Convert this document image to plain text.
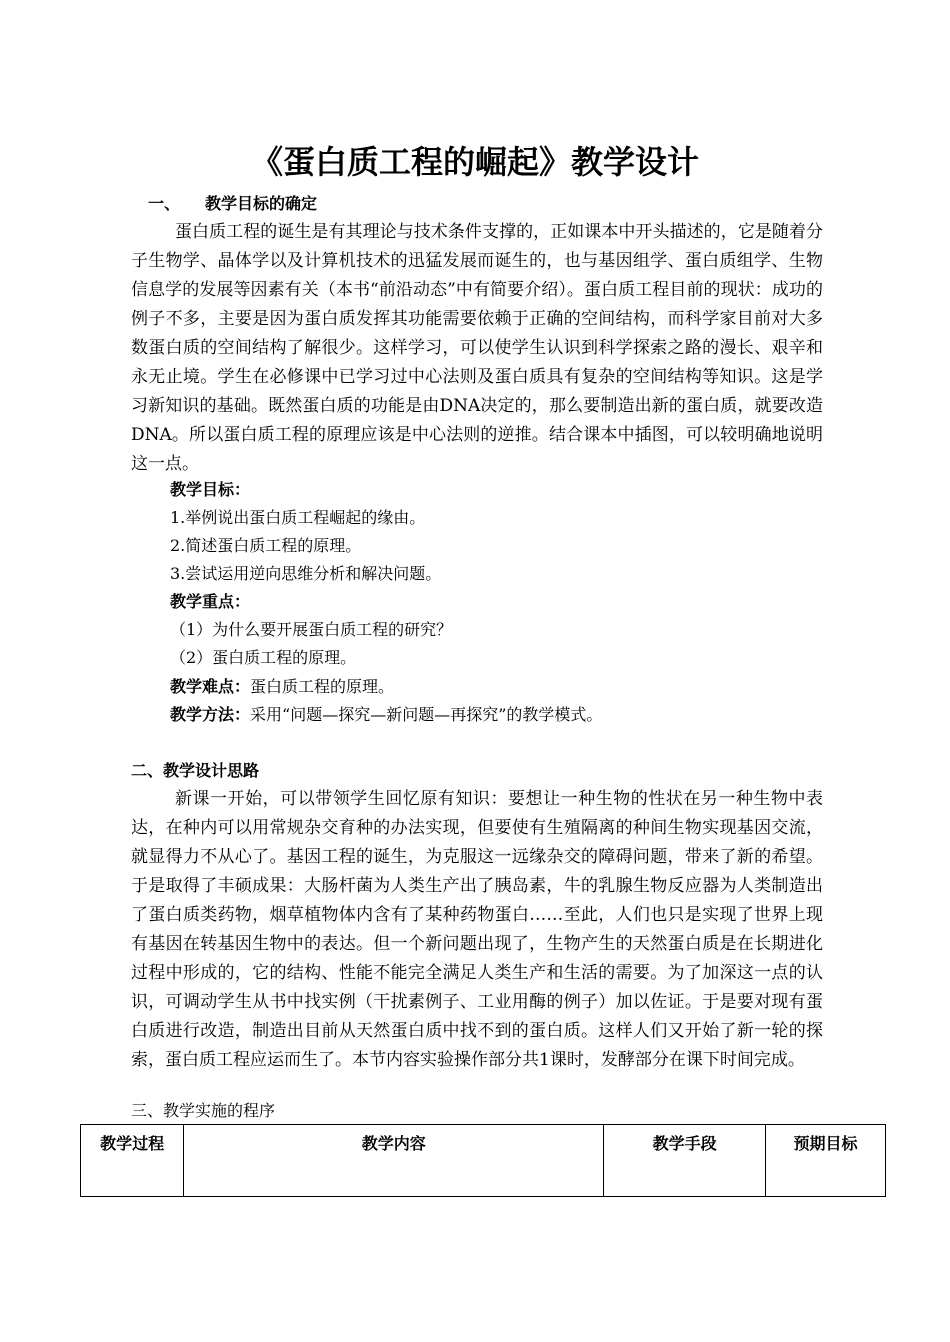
《蛋白质工程的崛起》教学设计
一、 教学目标的确定

蛋白质工程的诞生是有其理论与技术条件支撑的，正如课本中开头描述的，它是随着分子生物学、晶体学以及计算机技术的迅猛发展而诞生的，也与基因组学、蛋白质组学、生物信息学的发展等因素有关（本书“前沿动态”中有简要介绍）。蛋白质工程目前的现状：成功的例子不多，主要是因为蛋白质发挥其功能需要依赖于正确的空间结构，而科学家目前对大多数蛋白质的空间结构了解很少。这样学习，可以使学生认识到科学探索之路的漫长、艰辛和永无止境。学生在必修课中已学习过中心法则及蛋白质具有复杂的空间结构等知识。这是学习新知识的基础。既然蛋白质的功能是由DNA决定的，那么要制造出新的蛋白质，就要改造DNA。所以蛋白质工程的原理应该是中心法则的逆推。结合课本中插图，可以较明确地说明这一点。

教学目标：
1.举例说出蛋白质工程崛起的缘由。
2.简述蛋白质工程的原理。
3.尝试运用逆向思维分析和解决问题。
教学重点：
（1）为什么要开展蛋白质工程的研究？
（2）蛋白质工程的原理。
教学难点：蛋白质工程的原理。
教学方法：采用“问题—探究—新问题—再探究”的教学模式。
二、教学设计思路

新课一开始，可以带领学生回忆原有知识：要想让一种生物的性状在另一种生物中表达，在种内可以用常规杂交育种的办法实现，但要使有生殖隔离的种间生物实现基因交流，就显得力不从心了。基因工程的诞生，为克服这一远缘杂交的障碍问题，带来了新的希望。于是取得了丰硕成果：大肠杆菌为人类生产出了胰岛素，牛的乳腺生物反应器为人类制造出了蛋白质类药物，烟草植物体内含有了某种药物蛋白……至此，人们也只是实现了世界上现有基因在转基因生物中的表达。但一个新问题出现了，生物产生的天然蛋白质是在长期进化过程中形成的，它的结构、性能不能完全满足人类生产和生活的需要。为了加深这一点的认识，可调动学生从书中找实例（干扰素例子、工业用酶的例子）加以佐证。于是要对现有蛋白质进行改造，制造出目前从天然蛋白质中找不到的蛋白质。这样人们又开始了新一轮的探索，蛋白质工程应运而生了。本节内容实验操作部分共1课时，发酵部分在课下时间完成。

三、教学实施的程序
教学过程	教学内容	教学手段	预期目标
